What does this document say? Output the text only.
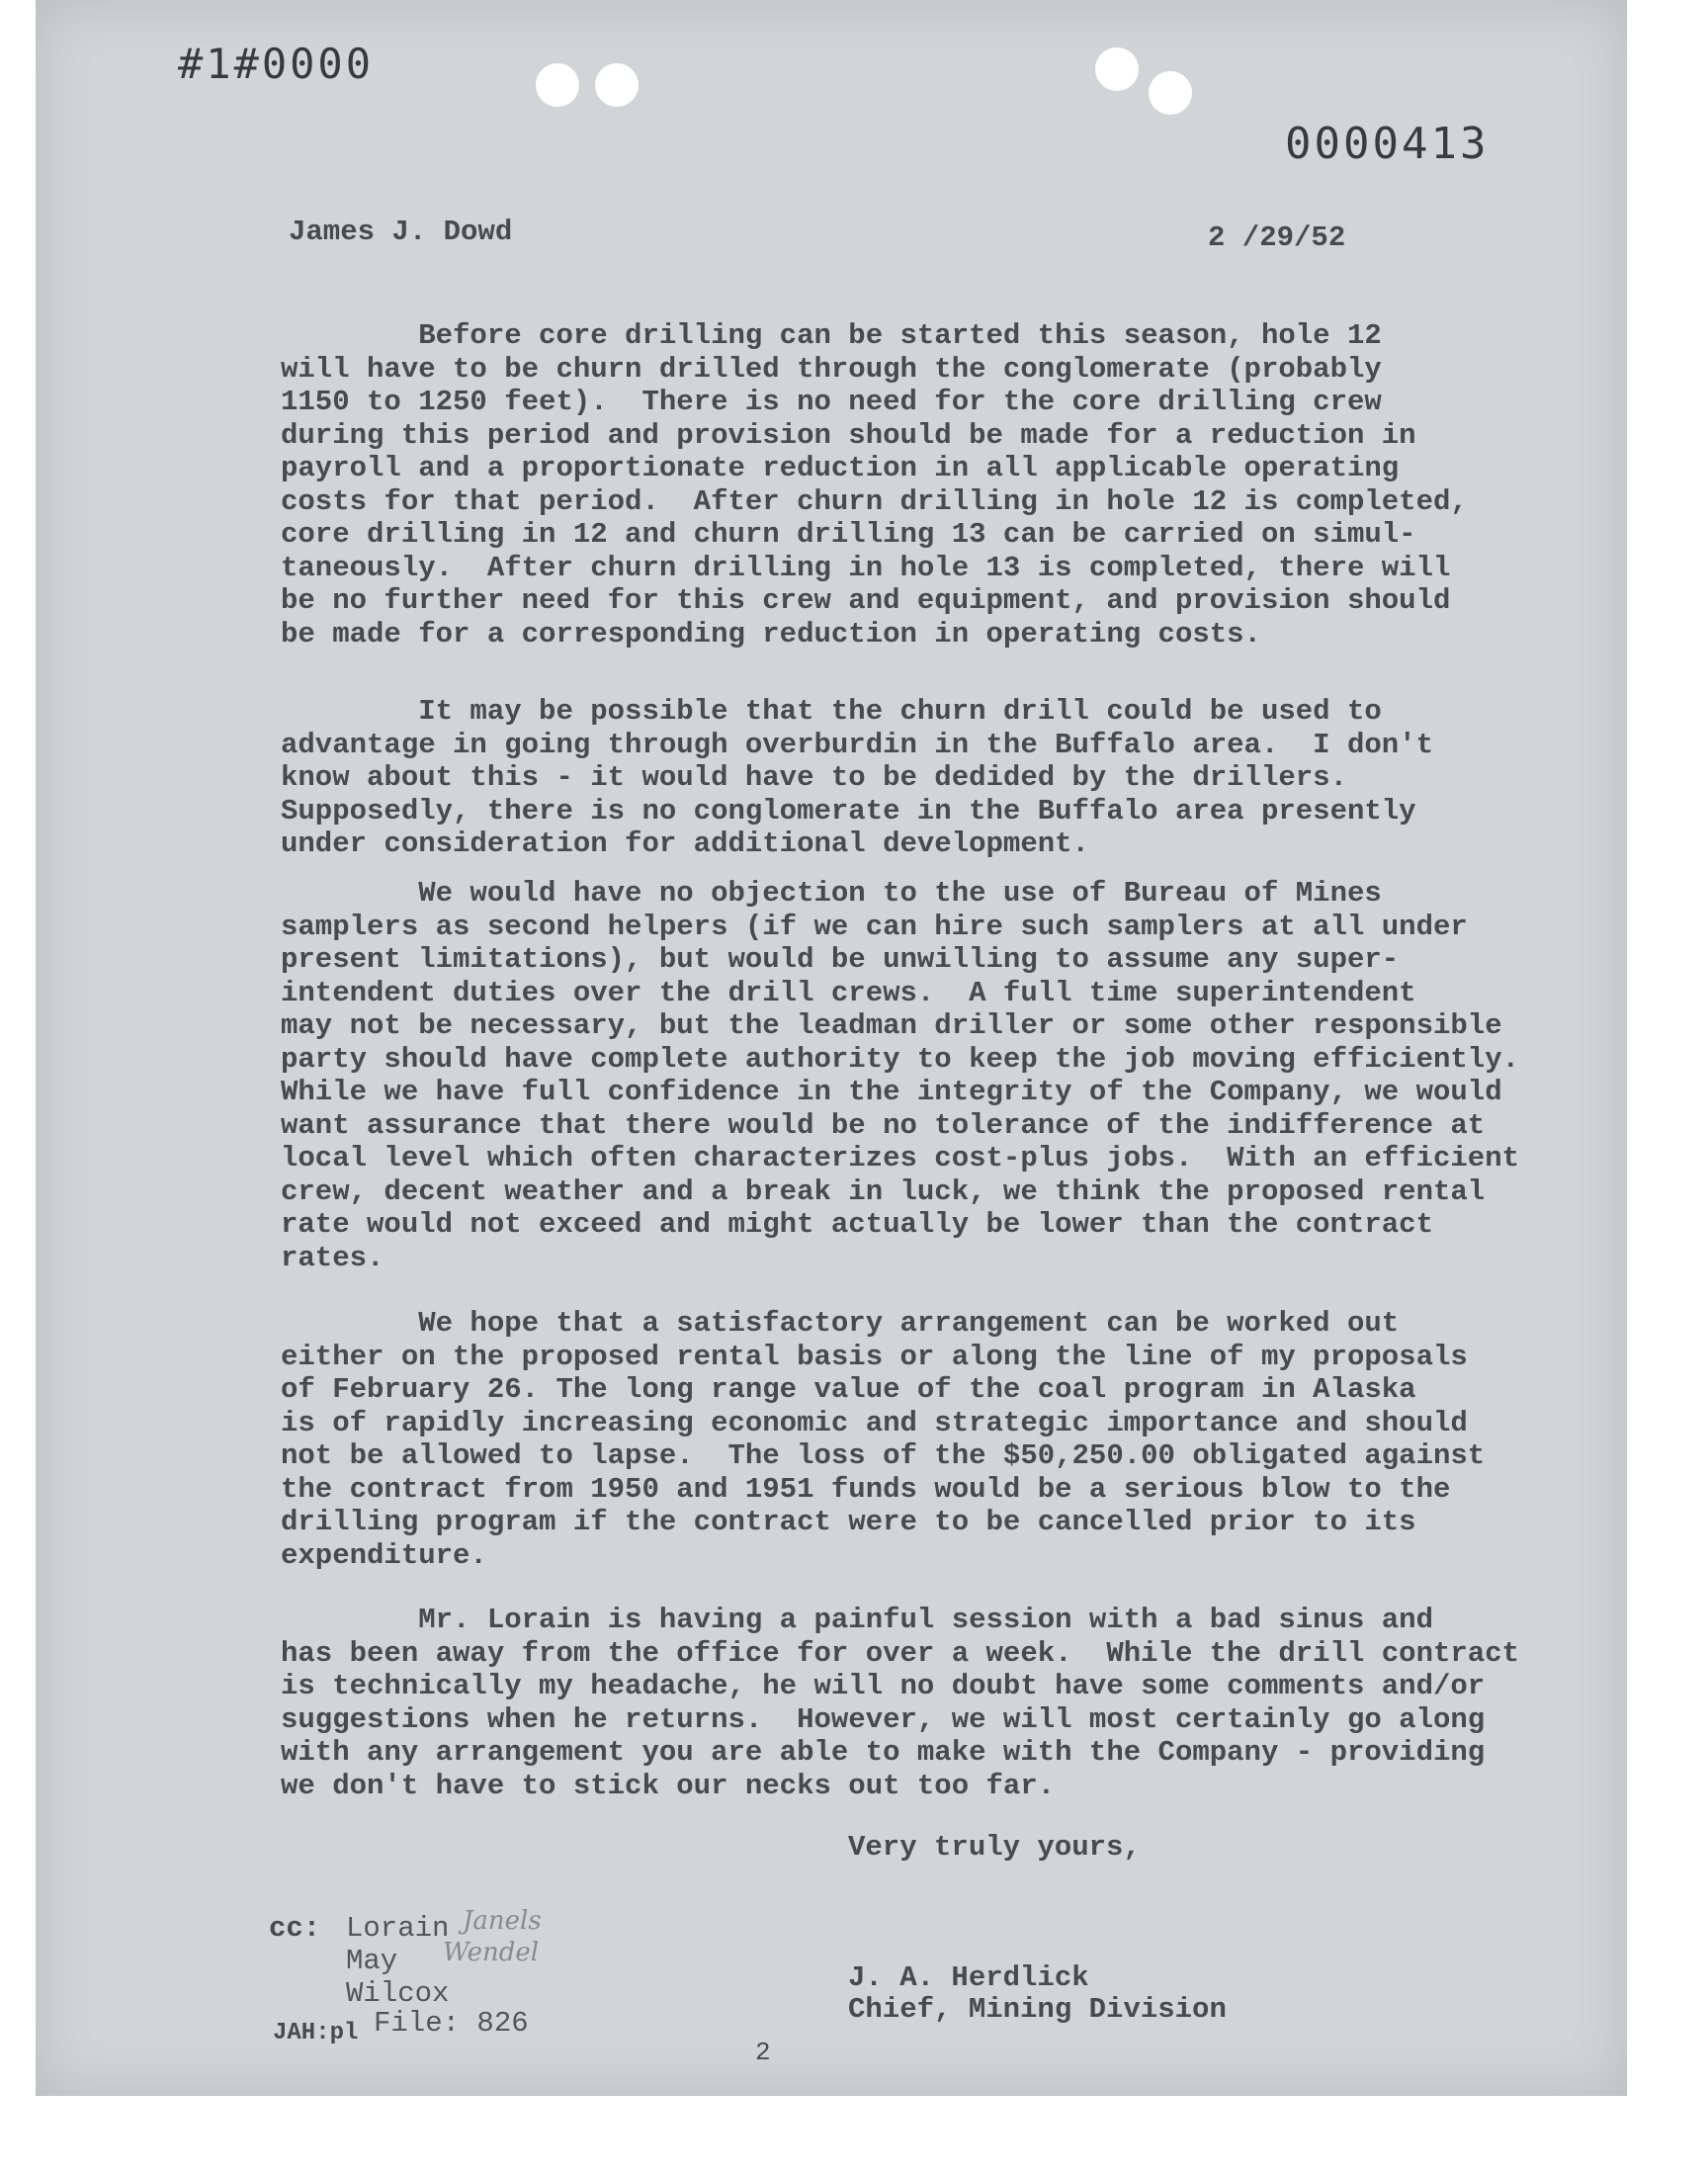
#1#0000
0000413
James J. Dowd	2 /29/52
Before core drilling can be started this season, hole 12
will have to be churn drilled through the conglomerate (probably
1150 to 1250 feet).  There is no need for the core drilling crew
during this period and provision should be made for a reduction in
payroll and a proportionate reduction in all applicable operating
costs for that period.  After churn drilling in hole 12 is completed,
core drilling in 12 and churn drilling 13 can be carried on simul-
taneously.  After churn drilling in hole 13 is completed, there will
be no further need for this crew and equipment, and provision should
be made for a corresponding reduction in operating costs.
It may be possible that the churn drill could be used to
advantage in going through overburdin in the Buffalo area.  I don't
know about this - it would have to be dedided by the drillers.
Supposedly, there is no conglomerate in the Buffalo area presently
under consideration for additional development.
We would have no objection to the use of Bureau of Mines
samplers as second helpers (if we can hire such samplers at all under
present limitations), but would be unwilling to assume any super-
intendent duties over the drill crews.  A full time superintendent
may not be necessary, but the leadman driller or some other responsible
party should have complete authority to keep the job moving efficiently.
While we have full confidence in the integrity of the Company, we would
want assurance that there would be no tolerance of the indifference at
local level which often characterizes cost-plus jobs.  With an efficient
crew, decent weather and a break in luck, we think the proposed rental
rate would not exceed and might actually be lower than the contract
rates.
We hope that a satisfactory arrangement can be worked out
either on the proposed rental basis or along the line of my proposals
of February 26. The long range value of the coal program in Alaska
is of rapidly increasing economic and strategic importance and should
not be allowed to lapse.  The loss of the $50,250.00 obligated against
the contract from 1950 and 1951 funds would be a serious blow to the
drilling program if the contract were to be cancelled prior to its
expenditure.
Mr. Lorain is having a painful session with a bad sinus and
has been away from the office for over a week.  While the drill contract
is technically my headache, he will no doubt have some comments and/or
suggestions when he returns.  However, we will most certainly go along
with any arrangement you are able to make with the Company - providing
we don't have to stick our necks out too far.
Very truly yours,
cc: Lorain
May
Wilcox
Janels
Wendel
File: 826
JAH:pl
J. A. Herdlick
Chief, Mining Division
2
